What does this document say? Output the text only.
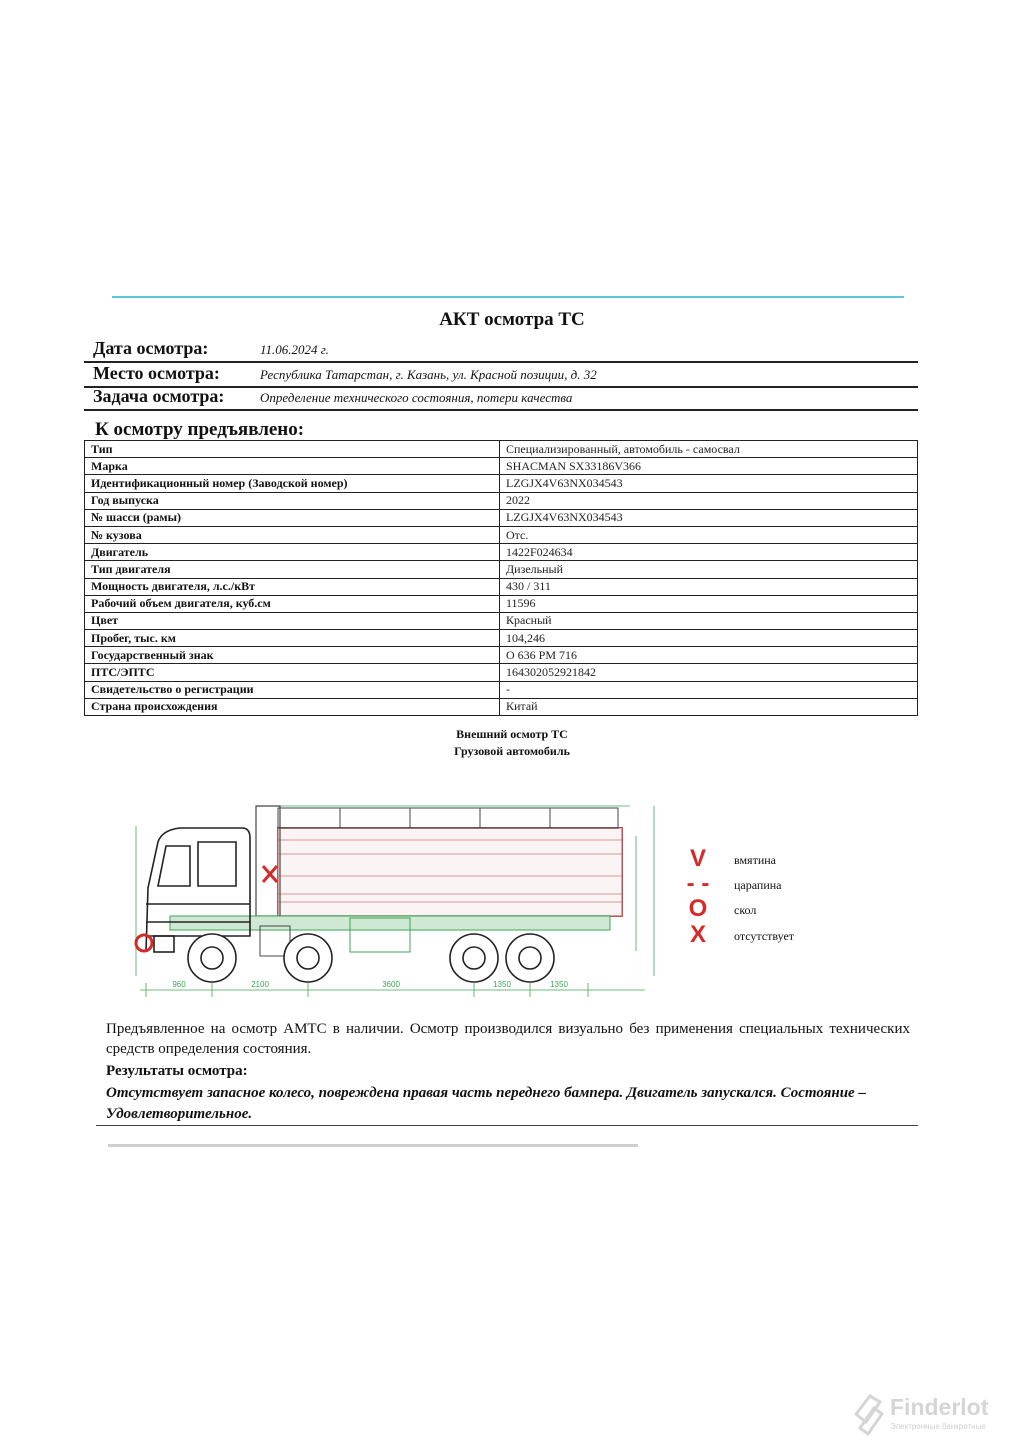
АКТ осмотра ТС
Дата осмотра:	11.06.2024 г.
Место осмотра:	Республика Татарстан, г. Казань, ул. Красной позиции, д. 32
Задача осмотра:	Определение технического состояния, потери качества
К осмотру предъявлено:
Тип	Специализированный, автомобиль - самосвал
Марка	SHACMAN SX33186V366
Идентификационный номер (Заводской номер)	LZGJX4V63NX034543
Год выпуска	2022
№ шасси (рамы)	LZGJX4V63NX034543
№ кузова	Отс.
Двигатель	1422F024634
Тип двигателя	Дизельный
Мощность двигателя, л.с./кВт	430 / 311
Рабочий объем двигателя, куб.см	11596
Цвет	Красный
Пробег, тыс. км	104,246
Государственный знак	О 636 РМ 716
ПТС/ЭПТС	164302052921842
Свидетельство о регистрации	-
Страна происхождения	Китай
Внешний осмотр ТС
Грузовой автомобиль
960	2100	3600	1350	1350
V	вмятина
- - царапина
O	скол
X	отсутствует
Предъявленное на осмотр АМТС в наличии. Осмотр производился визуально без применения специальных технических средств определения состояния.
Результаты осмотра:
Отсутствует запасное колесо, повреждена правая часть переднего бампера. Двигатель запускался. Состояние – Удовлетворительное.
Finderlot
Электронные банкротные
